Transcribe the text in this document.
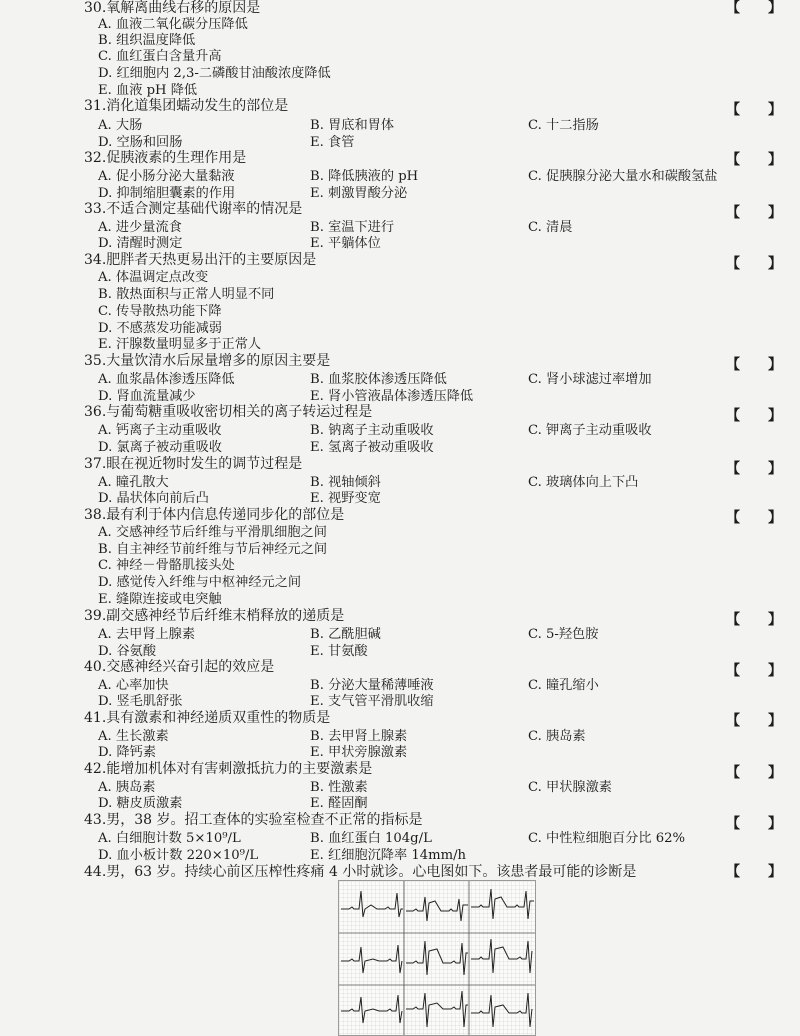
30.氧解离曲线右移的原因是	【 】
A. 血液二氧化碳分压降低
B. 组织温度降低
C. 血红蛋白含量升高
D. 红细胞内 2,3-二磷酸甘油酸浓度降低
E. 血液 pH 降低
31.消化道集团蠕动发生的部位是	【 】
A. 大肠	B. 胃底和胃体	C. 十二指肠
D. 空肠和回肠	E. 食管
32.促胰液素的生理作用是	【 】
A. 促小肠分泌大量黏液	B. 降低胰液的 pH	C. 促胰腺分泌大量水和碳酸氢盐
D. 抑制缩胆囊素的作用	E. 刺激胃酸分泌
33.不适合测定基础代谢率的情况是	【 】
A. 进少量流食	B. 室温下进行	C. 清晨
D. 清醒时测定	E. 平躺体位
34.肥胖者天热更易出汗的主要原因是	【 】
A. 体温调定点改变
B. 散热面积与正常人明显不同
C. 传导散热功能下降
D. 不感蒸发功能减弱
E. 汗腺数量明显多于正常人
35.大量饮清水后尿量增多的原因主要是	【 】
A. 血浆晶体渗透压降低	B. 血浆胶体渗透压降低	C. 肾小球滤过率增加
D. 肾血流量减少	E. 肾小管液晶体渗透压降低
36.与葡萄糖重吸收密切相关的离子转运过程是	【 】
A. 钙离子主动重吸收	B. 钠离子主动重吸收	C. 钾离子主动重吸收
D. 氯离子被动重吸收	E. 氢离子被动重吸收
37.眼在视近物时发生的调节过程是	【 】
A. 瞳孔散大	B. 视轴倾斜	C. 玻璃体向上下凸
D. 晶状体向前后凸	E. 视野变宽
38.最有利于体内信息传递同步化的部位是	【 】
A. 交感神经节后纤维与平滑肌细胞之间
B. 自主神经节前纤维与节后神经元之间
C. 神经－骨骼肌接头处
D. 感觉传入纤维与中枢神经元之间
E. 缝隙连接或电突触
39.副交感神经节后纤维末梢释放的递质是	【 】
A. 去甲肾上腺素	B. 乙酰胆碱	C. 5-羟色胺
D. 谷氨酸	E. 甘氨酸
40.交感神经兴奋引起的效应是	【 】
A. 心率加快	B. 分泌大量稀薄唾液	C. 瞳孔缩小
D. 竖毛肌舒张	E. 支气管平滑肌收缩
41.具有激素和神经递质双重性的物质是	【 】
A. 生长激素	B. 去甲肾上腺素	C. 胰岛素
D. 降钙素	E. 甲状旁腺激素
42.能增加机体对有害刺激抵抗力的主要激素是	【 】
A. 胰岛素	B. 性激素	C. 甲状腺激素
D. 糖皮质激素	E. 醛固酮
43.男，38 岁。招工查体的实验室检查不正常的指标是	【 】
A. 白细胞计数 5×10⁹/L	B. 血红蛋白 104g/L	C. 中性粒细胞百分比 62%
D. 血小板计数 220×10⁹/L	E. 红细胞沉降率 14mm/h
44.男，63 岁。持续心前区压榨性疼痛 4 小时就诊。心电图如下。该患者最可能的诊断是	【 】
